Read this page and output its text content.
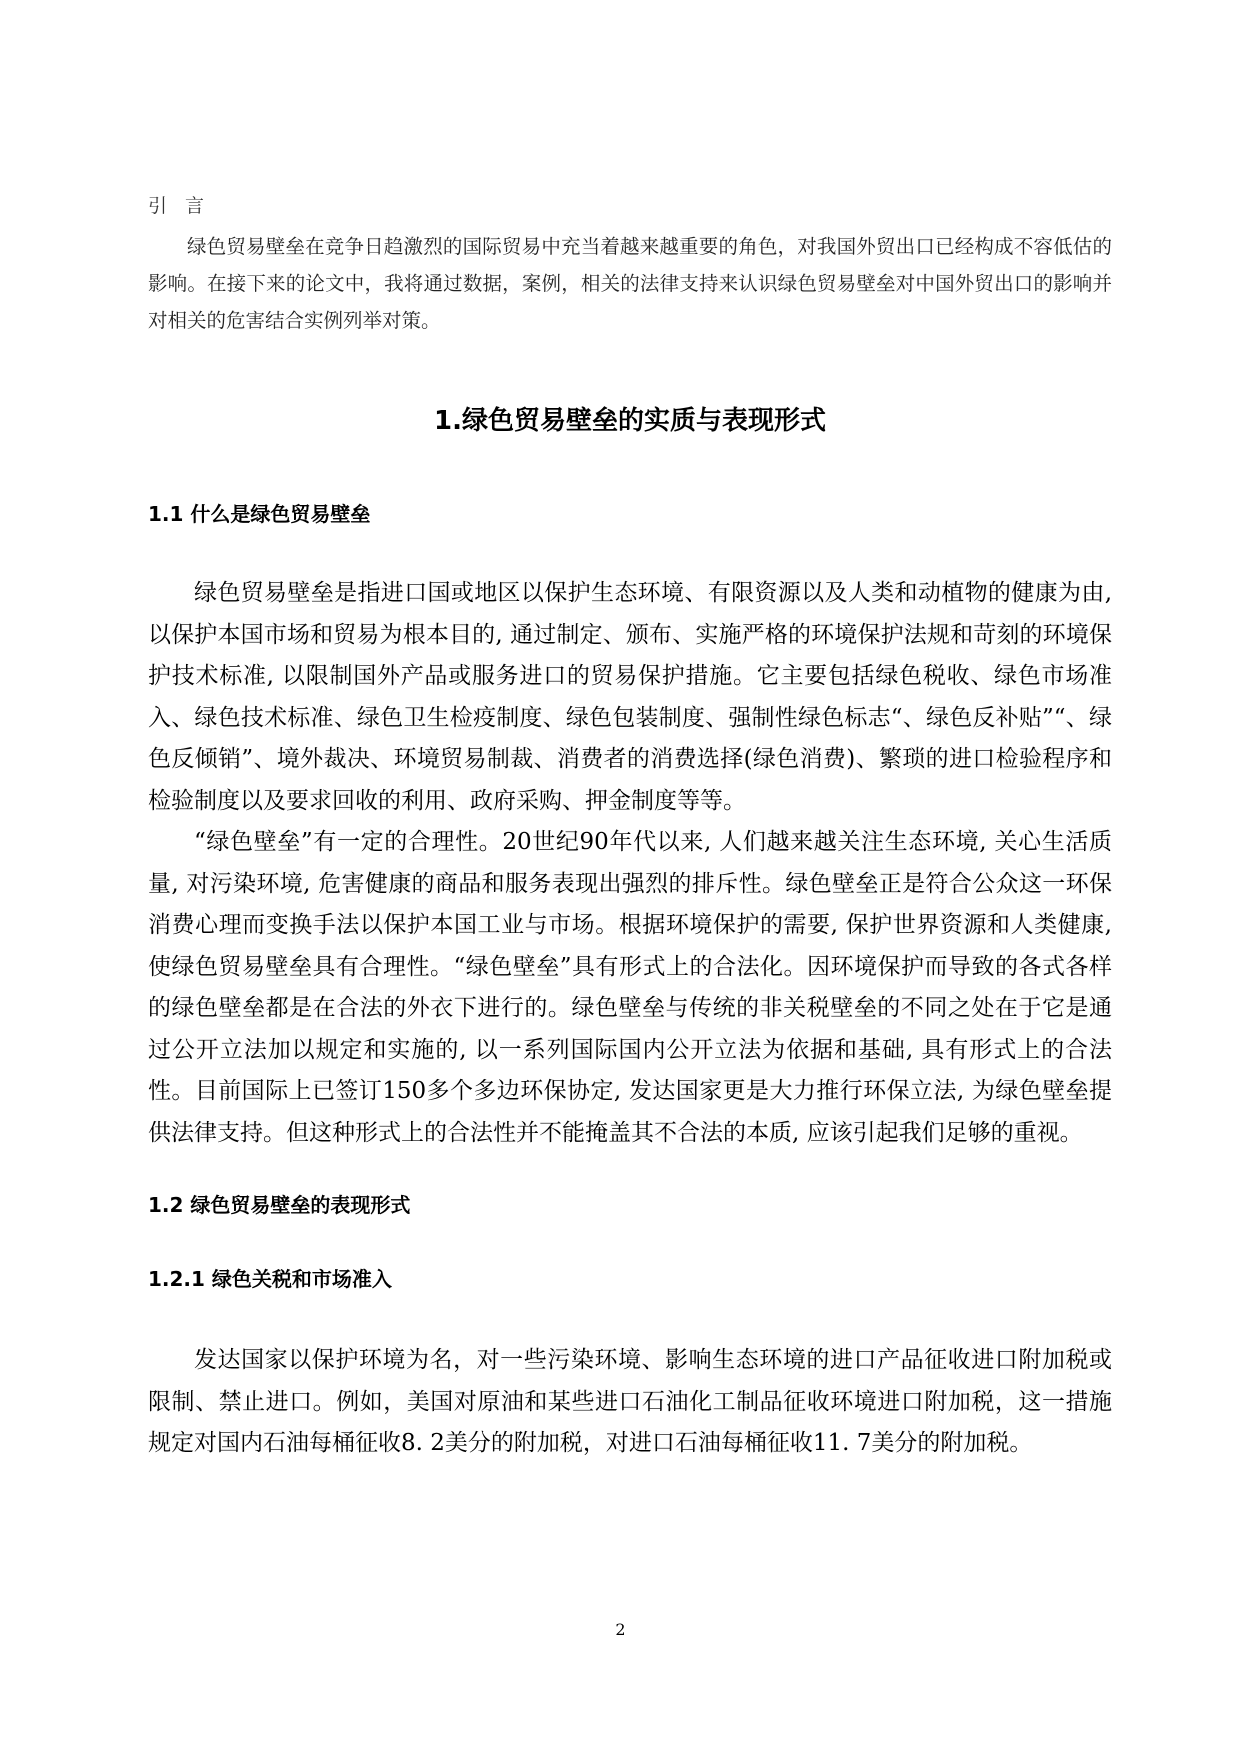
引 言

绿色贸易壁垒在竞争日趋激烈的国际贸易中充当着越来越重要的角色，对我国外贸出口已经构成不容低估的影响。在接下来的论文中，我将通过数据，案例，相关的法律支持来认识绿色贸易壁垒对中国外贸出口的影响并对相关的危害结合实例列举对策。

1.绿色贸易壁垒的实质与表现形式
1.1 什么是绿色贸易壁垒

绿色贸易壁垒是指进口国或地区以保护生态环境、有限资源以及人类和动植物的健康为由, 以保护本国市场和贸易为根本目的, 通过制定、颁布、实施严格的环境保护法规和苛刻的环境保护技术标准, 以限制国外产品或服务进口的贸易保护措施。它主要包括绿色税收、绿色市场准入、绿色技术标准、绿色卫生检疫制度、绿色包装制度、强制性绿色标志“、绿色反补贴”“、绿色反倾销”、境外裁决、环境贸易制裁、消费者的消费选择(绿色消费)、繁琐的进口检验程序和检验制度以及要求回收的利用、政府采购、押金制度等等。

“绿色壁垒”有一定的合理性。20世纪90年代以来, 人们越来越关注生态环境, 关心生活质量, 对污染环境, 危害健康的商品和服务表现出强烈的排斥性。绿色壁垒正是符合公众这一环保消费心理而变换手法以保护本国工业与市场。根据环境保护的需要, 保护世界资源和人类健康, 使绿色贸易壁垒具有合理性。“绿色壁垒”具有形式上的合法化。因环境保护而导致的各式各样的绿色壁垒都是在合法的外衣下进行的。绿色壁垒与传统的非关税壁垒的不同之处在于它是通过公开立法加以规定和实施的, 以一系列国际国内公开立法为依据和基础, 具有形式上的合法性。目前国际上已签订150多个多边环保协定, 发达国家更是大力推行环保立法, 为绿色壁垒提供法律支持。但这种形式上的合法性并不能掩盖其不合法的本质, 应该引起我们足够的重视。

1.2 绿色贸易壁垒的表现形式
1.2.1 绿色关税和市场准入

发达国家以保护环境为名，对一些污染环境、影响生态环境的进口产品征收进口附加税或限制、禁止进口。例如，美国对原油和某些进口石油化工制品征收环境进口附加税，这一措施规定对国内石油每桶征收8. 2美分的附加税，对进口石油每桶征收11. 7美分的附加税。

2
